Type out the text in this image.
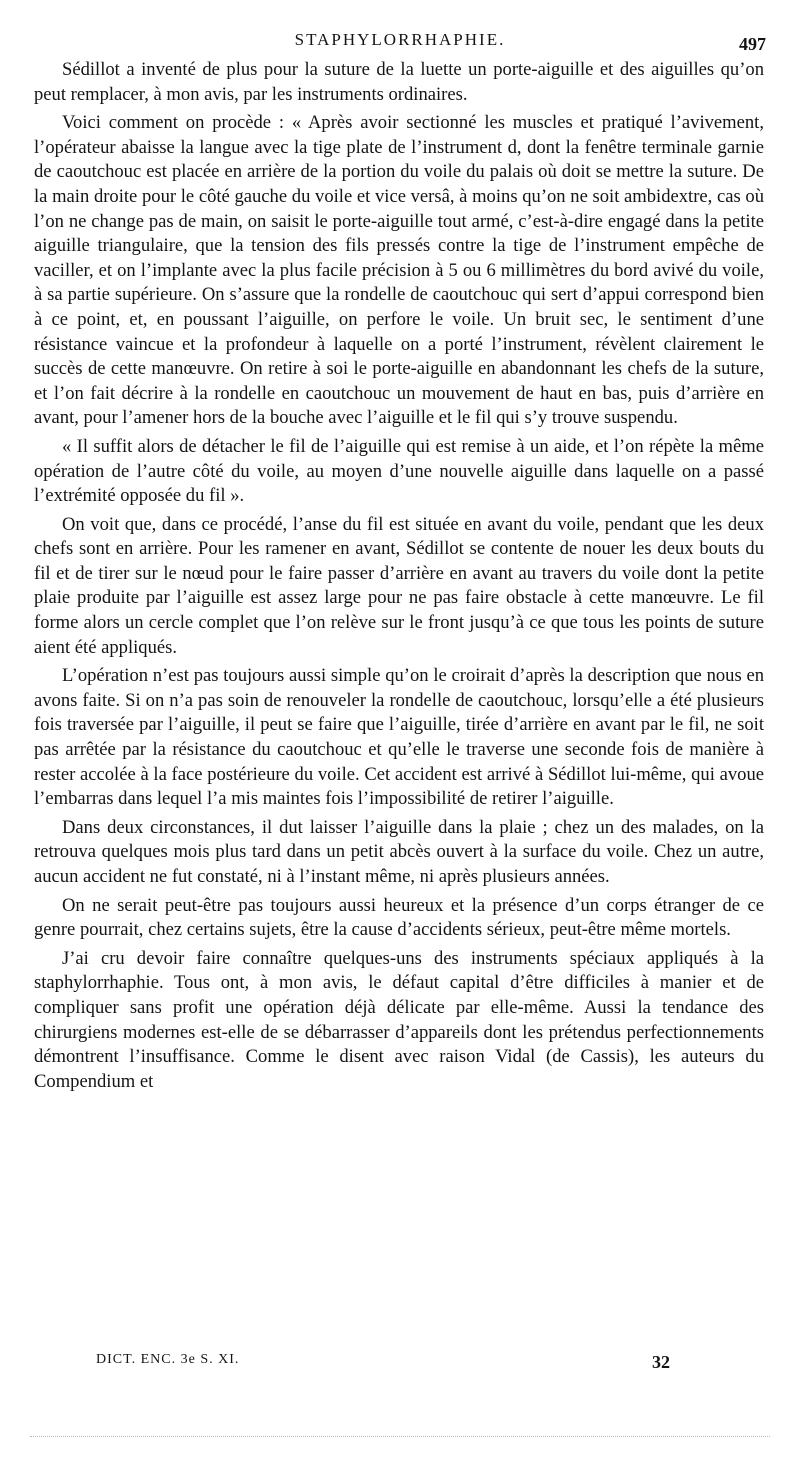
STAPHYLORRHAPHIE.	497

Sédillot a inventé de plus pour la suture de la luette un porte-aiguille et des aiguilles qu’on peut remplacer, à mon avis, par les instruments ordinaires.

Voici comment on procède : « Après avoir sectionné les muscles et pratiqué l’avivement, l’opérateur abaisse la langue avec la tige plate de l’instrument d, dont la fenêtre terminale garnie de caoutchouc est placée en arrière de la portion du voile du palais où doit se mettre la suture. De la main droite pour le côté gauche du voile et vice versâ, à moins qu’on ne soit ambidextre, cas où l’on ne change pas de main, on saisit le porte-aiguille tout armé, c’est-à-dire engagé dans la petite aiguille triangulaire, que la tension des fils pressés contre la tige de l’instrument empêche de vaciller, et on l’implante avec la plus facile précision à 5 ou 6 millimètres du bord avivé du voile, à sa partie supérieure. On s’assure que la rondelle de caoutchouc qui sert d’appui correspond bien à ce point, et, en poussant l’aiguille, on perfore le voile. Un bruit sec, le sentiment d’une résistance vaincue et la profondeur à laquelle on a porté l’instrument, révèlent clairement le succès de cette manœuvre. On retire à soi le porte-aiguille en abandonnant les chefs de la suture, et l’on fait décrire à la rondelle en caoutchouc un mouvement de haut en bas, puis d’arrière en avant, pour l’amener hors de la bouche avec l’aiguille et le fil qui s’y trouve suspendu.

« Il suffit alors de détacher le fil de l’aiguille qui est remise à un aide, et l’on répète la même opération de l’autre côté du voile, au moyen d’une nouvelle aiguille dans laquelle on a passé l’extrémité opposée du fil ».

On voit que, dans ce procédé, l’anse du fil est située en avant du voile, pendant que les deux chefs sont en arrière. Pour les ramener en avant, Sédillot se contente de nouer les deux bouts du fil et de tirer sur le nœud pour le faire passer d’arrière en avant au travers du voile dont la petite plaie produite par l’aiguille est assez large pour ne pas faire obstacle à cette manœuvre. Le fil forme alors un cercle complet que l’on relève sur le front jusqu’à ce que tous les points de suture aient été appliqués.

L’opération n’est pas toujours aussi simple qu’on le croirait d’après la description que nous en avons faite. Si on n’a pas soin de renouveler la rondelle de caoutchouc, lorsqu’elle a été plusieurs fois traversée par l’aiguille, il peut se faire que l’aiguille, tirée d’arrière en avant par le fil, ne soit pas arrêtée par la résistance du caoutchouc et qu’elle le traverse une seconde fois de manière à rester accolée à la face postérieure du voile. Cet accident est arrivé à Sédillot lui-même, qui avoue l’embarras dans lequel l’a mis maintes fois l’impossibilité de retirer l’aiguille.

Dans deux circonstances, il dut laisser l’aiguille dans la plaie ; chez un des malades, on la retrouva quelques mois plus tard dans un petit abcès ouvert à la surface du voile. Chez un autre, aucun accident ne fut constaté, ni à l’instant même, ni après plusieurs années.

On ne serait peut-être pas toujours aussi heureux et la présence d’un corps étranger de ce genre pourrait, chez certains sujets, être la cause d’accidents sérieux, peut-être même mortels.

J’ai cru devoir faire connaître quelques-uns des instruments spéciaux appliqués à la staphylorrhaphie. Tous ont, à mon avis, le défaut capital d’être difficiles à manier et de compliquer sans profit une opération déjà délicate par elle-même. Aussi la tendance des chirurgiens modernes est-elle de se débarrasser d’appareils dont les prétendus perfectionnements démontrent l’insuffisance. Comme le disent avec raison Vidal (de Cassis), les auteurs du Compendium et

DICT. ENC. 3e S. XI.	32
